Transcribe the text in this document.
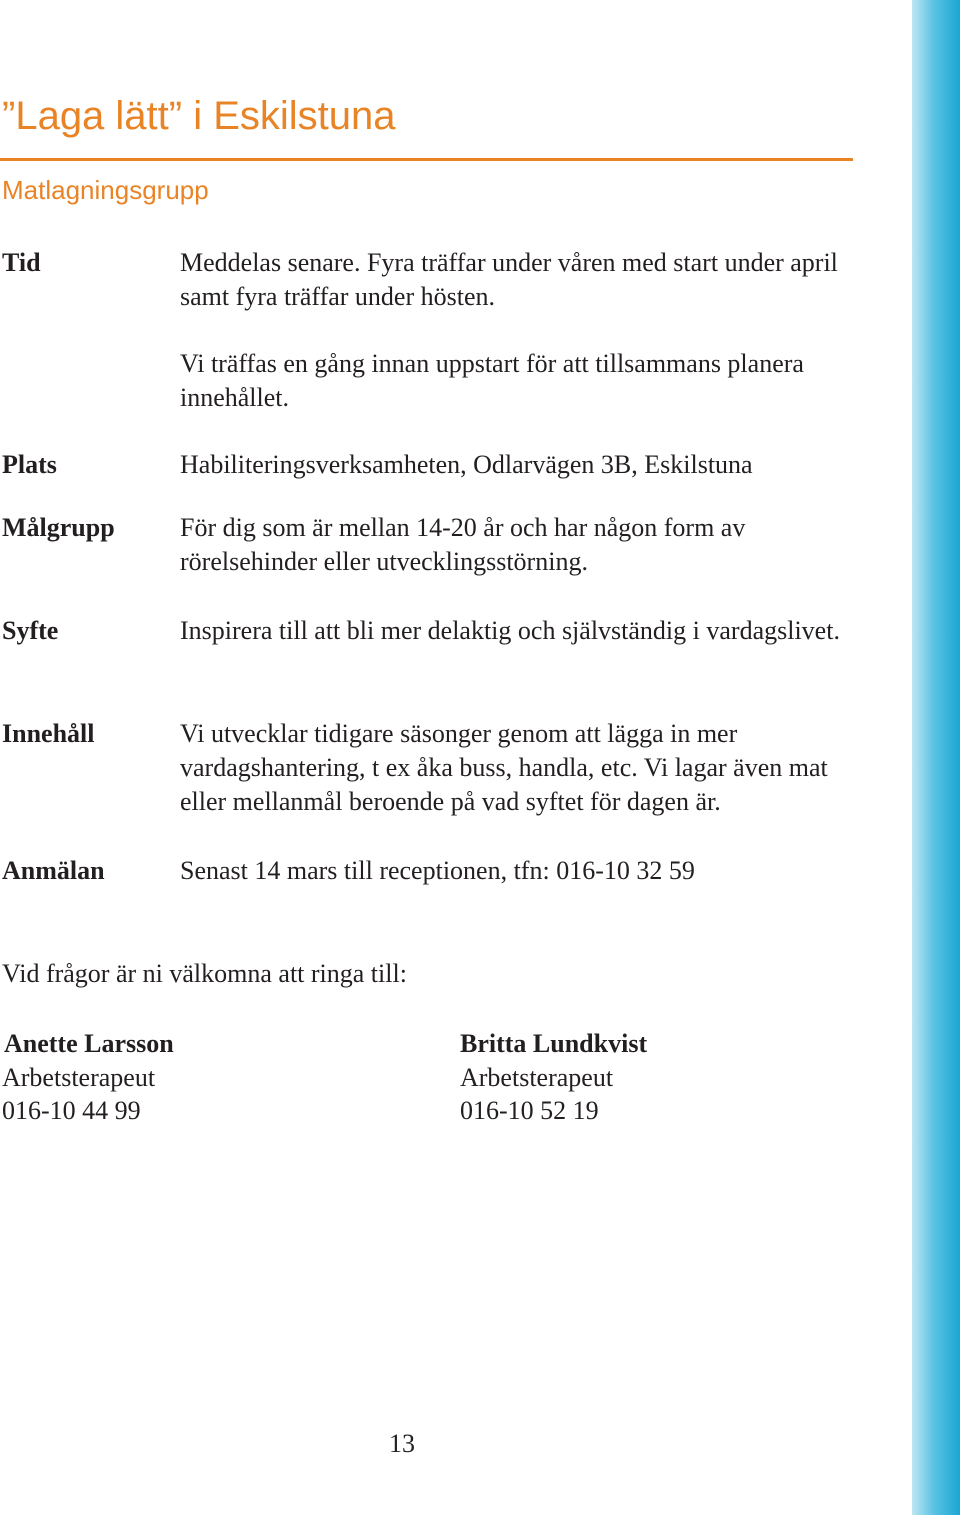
”Laga lätt” i Eskilstuna
Matlagningsgrupp
Tid	Meddelas senare. Fyra träffar under våren med start under april samt fyra träffar under hösten.
Vi träffas en gång innan uppstart för att tillsammans planera innehållet.
Plats	Habiliteringsverksamheten, Odlarvägen 3B, Eskilstuna
Målgrupp	För dig som är mellan 14-20 år och har någon form av rörelsehinder eller utvecklingsstörning.
Syfte	Inspirera till att bli mer delaktig och självständig i vardagslivet.
Innehåll	Vi utvecklar tidigare säsonger genom att lägga in mer vardagshantering, t ex åka buss, handla, etc. Vi lagar även mat eller mellanmål beroende på vad syftet för dagen är.
Anmälan	Senast 14 mars till receptionen, tfn: 016-10 32 59
Vid frågor är ni välkomna att ringa till:
Anette Larsson
Arbetsterapeut
016-10 44 99
Britta Lundkvist
Arbetsterapeut
016-10 52 19
13
